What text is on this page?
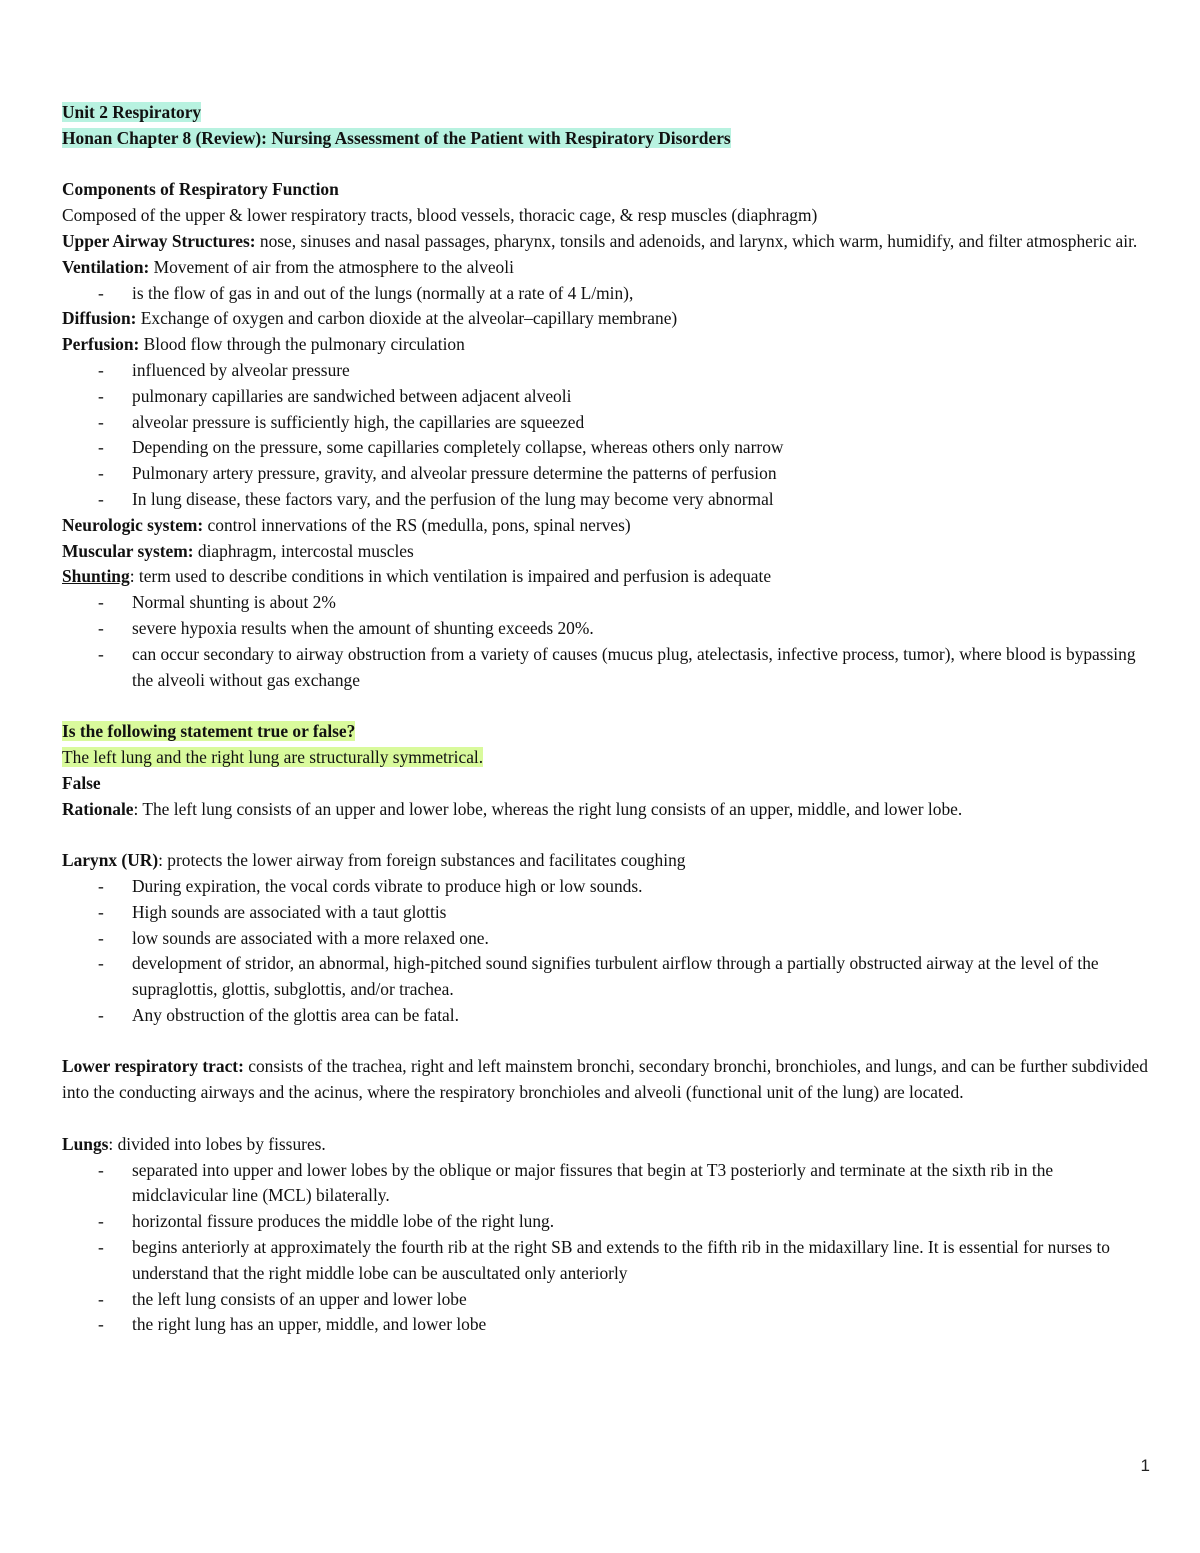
Unit 2 Respiratory

Honan Chapter 8 (Review): Nursing Assessment of the Patient with Respiratory Disorders

Components of Respiratory Function

Composed of the upper & lower respiratory tracts, blood vessels, thoracic cage, & resp muscles (diaphragm)

Upper Airway Structures: nose, sinuses and nasal passages, pharynx, tonsils and adenoids, and larynx, which warm, humidify, and filter atmospheric air.

Ventilation: Movement of air from the atmosphere to the alveoli

- is the flow of gas in and out of the lungs (normally at a rate of 4 L/min),

Diffusion: Exchange of oxygen and carbon dioxide at the alveolar–capillary membrane)

Perfusion: Blood flow through the pulmonary circulation

- influenced by alveolar pressure
- pulmonary capillaries are sandwiched between adjacent alveoli
- alveolar pressure is sufficiently high, the capillaries are squeezed
- Depending on the pressure, some capillaries completely collapse, whereas others only narrow
- Pulmonary artery pressure, gravity, and alveolar pressure determine the patterns of perfusion
- In lung disease, these factors vary, and the perfusion of the lung may become very abnormal

Neurologic system: control innervations of the RS (medulla, pons, spinal nerves)

Muscular system: diaphragm, intercostal muscles

Shunting: term used to describe conditions in which ventilation is impaired and perfusion is adequate

- Normal shunting is about 2%
- severe hypoxia results when the amount of shunting exceeds 20%.
- can occur secondary to airway obstruction from a variety of causes (mucus plug, atelectasis, infective process, tumor), where blood is bypassing the alveoli without gas exchange

Is the following statement true or false?

The left lung and the right lung are structurally symmetrical.

False

Rationale: The left lung consists of an upper and lower lobe, whereas the right lung consists of an upper, middle, and lower lobe.

Larynx (UR): protects the lower airway from foreign substances and facilitates coughing

- During expiration, the vocal cords vibrate to produce high or low sounds.
- High sounds are associated with a taut glottis
- low sounds are associated with a more relaxed one.
- development of stridor, an abnormal, high-pitched sound signifies turbulent airflow through a partially obstructed airway at the level of the supraglottis, glottis, subglottis, and/or trachea.
- Any obstruction of the glottis area can be fatal.

Lower respiratory tract: consists of the trachea, right and left mainstem bronchi, secondary bronchi, bronchioles, and lungs, and can be further subdivided into the conducting airways and the acinus, where the respiratory bronchioles and alveoli (functional unit of the lung) are located.

Lungs: divided into lobes by fissures.

- separated into upper and lower lobes by the oblique or major fissures that begin at T3 posteriorly and terminate at the sixth rib in the midclavicular line (MCL) bilaterally.
- horizontal fissure produces the middle lobe of the right lung.
- begins anteriorly at approximately the fourth rib at the right SB and extends to the fifth rib in the midaxillary line. It is essential for nurses to understand that the right middle lobe can be auscultated only anteriorly
- the left lung consists of an upper and lower lobe
- the right lung has an upper, middle, and lower lobe
1
